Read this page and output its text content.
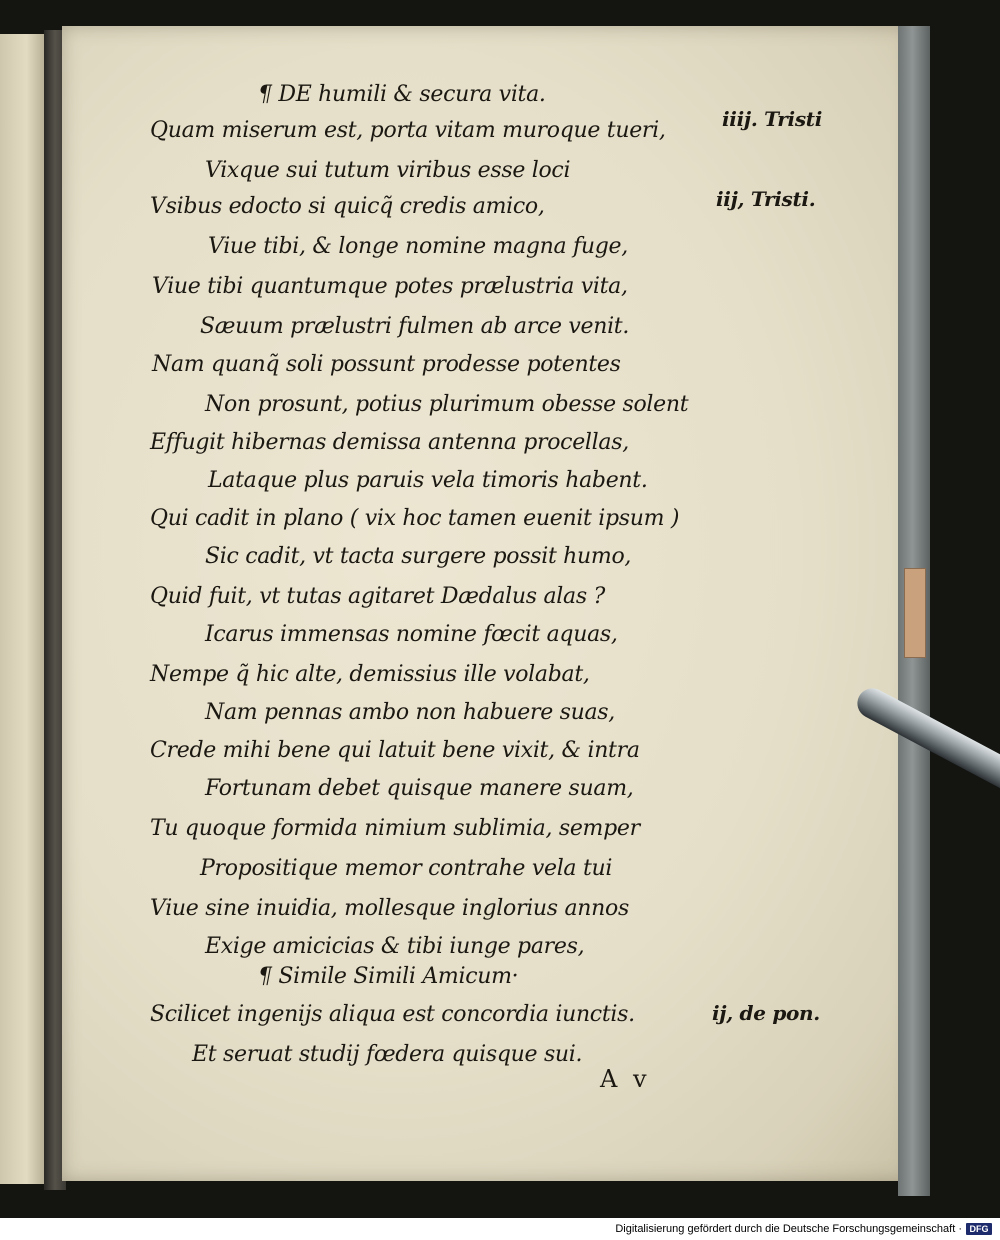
¶ DE humili & secura vita.
Quam miserum est, porta vitam muroque tueri,
Vixque sui tutum viribus esse loci
Vsibus edocto si quicq̃ credis amico,
Viue tibi, & longe nomine magna fuge,
Viue tibi quantumque potes prælustria vita,
Sæuum prælustri fulmen ab arce venit.
Nam quanq̃ soli possunt prodesse potentes
Non prosunt, potius plurimum obesse solent
Effugit hibernas demissa antenna procellas,
Lataque plus paruis vela timoris habent.
Qui cadit in plano ( vix hoc tamen euenit ipsum )
Sic cadit, vt tacta surgere possit humo,
Quid fuit, vt tutas agitaret Dædalus alas ?
Icarus immensas nomine fœcit aquas,
Nempe q̃ hic alte, demissius ille volabat,
Nam pennas ambo non habuere suas,
Crede mihi bene qui latuit bene vixit, & intra
Fortunam debet quisque manere suam,
Tu quoque formida nimium sublimia, semper
Propositique memor contrahe vela tui
Viue sine inuidia, mollesque inglorius annos
Exige amicicias & tibi iunge pares,
¶ Simile Simili Amicum·
Scilicet ingenijs aliqua est concordia iunctis.
Et seruat studij fœdera quisque sui.
A v
iiij. Tristi
iij, Tristi.
ij, de pon.
Digitalisierung gefördert durch die Deutsche Forschungsgemeinschaft · DFG
